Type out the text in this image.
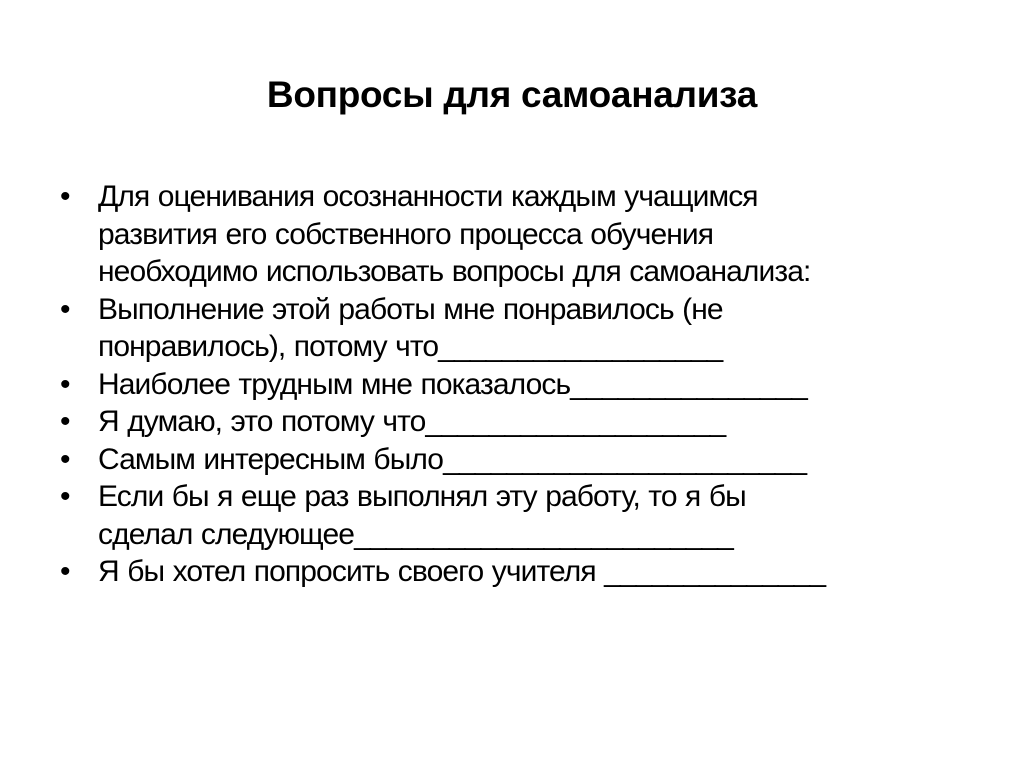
Вопросы для самоанализа
• Для оценивания осознанности каждым учащимся
развития его собственного процесса обучения
необходимо использовать вопросы для самоанализа:
• Выполнение этой работы мне понравилось (не
понравилось), потому что__________________
• Наиболее трудным мне показалось_______________
• Я думаю, это потому что___________________
• Самым интересным было_______________________
• Если бы я еще раз выполнял эту работу, то я бы
сделал следующее________________________
• Я бы хотел попросить своего учителя ______________
